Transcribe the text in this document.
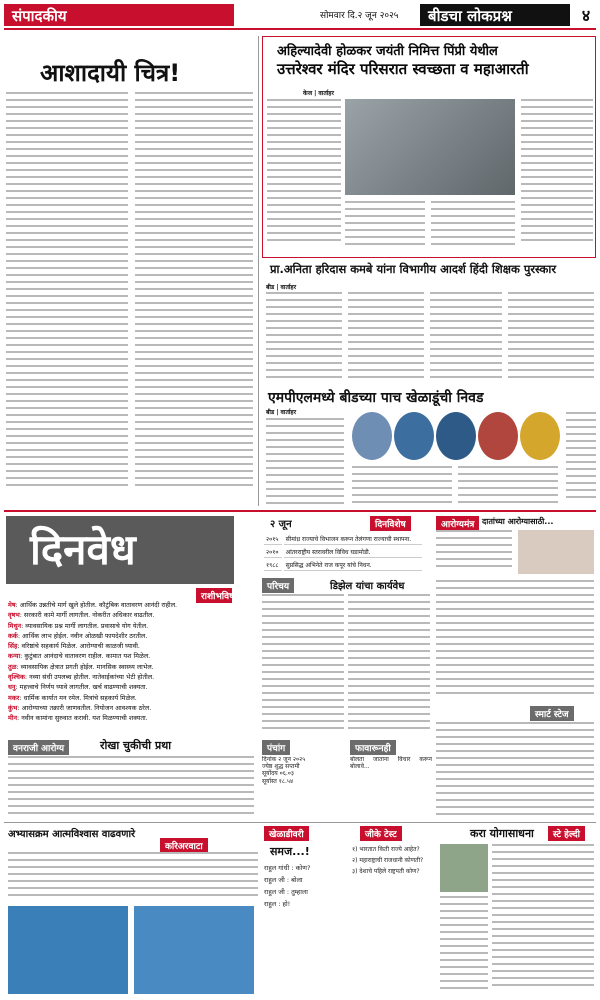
संपादकीय	सोमवार दि.२ जून २०२५	बीडचा लोकप्रश्न	४
आशादायी चित्र!
अहिल्यादेवी होळकर जयंती निमित्त पिंप्री येथील
उत्तरेश्वर मंदिर परिसरात स्वच्छता व महाआरती
केज | वार्ताहर
प्रा.अनिता हरिदास कमबे यांना विभागीय आदर्श हिंदी शिक्षक पुरस्कार
बीड | वार्ताहर
एमपीएलमध्ये बीडच्या पाच खेळाडूंची निवड
बीड | वार्ताहर
दिनवेध
राशीभविष्य
मेष: आर्थिक उन्नतीचे मार्ग खुले होतील. कौटुंबिक वातावरण आनंदी राहील.
वृषभ: सरकारी कामे मार्गी लागतील. नोकरीत अधिकार वाढतील.
मिथुन: व्यावसायिक प्रश्न मार्गी लागतील. प्रवासाचे योग येतील.
कर्क: आर्थिक लाभ होईल. नवीन ओळखी फायदेशीर ठरतील.
सिंह: वरिष्ठांचे सहकार्य मिळेल. आरोग्याची काळजी घ्यावी.
कन्या: कुटुंबात आनंदाचे वातावरण राहील. कामात यश मिळेल.
तुळ: व्यावसायिक क्षेत्रात प्रगती होईल. मानसिक स्वास्थ्य लाभेल.
वृश्चिक: नव्या संधी उपलब्ध होतील. नातेवाईकांच्या भेटी होतील.
धनु: महत्त्वाचे निर्णय घ्यावे लागतील. खर्च वाढण्याची शक्यता.
मकर: धार्मिक कार्यात मन रमेल. मित्रांचे सहकार्य मिळेल.
कुंभ: आरोग्याच्या तक्रारी जाणवतील. नियोजन आवश्यक ठरेल.
मीन: नवीन कामांना सुरुवात करावी. यश मिळण्याची शक्यता.
२ जून	दिनविशेष
२०१५	सीमांध्र राज्याचे विभाजन करून तेलंगणा राज्याची स्थापना.
२०१०	आंतरराष्ट्रीय स्तरावरील विविध घडामोडी.
१९८८	सुप्रसिद्ध अभिनेते राज कपूर यांचे निधन.
आरोग्यमंत्र दातांच्या आरोग्यासाठी...
परिचय	डिझेल यांचा कार्यवेध
वनराजी आरोग्य	रोखा चुकीची प्रथा	पंचांग
दिनांक २ जून २०२५
ज्येष्ठ शुद्ध सप्तमी
सूर्योदय ०६.०३
सूर्यास्त १८.५४
फावारूनही
बोलता जाताना विचार करून बोलावे...
स्मार्ट स्टेज
अभ्यासक्रम आत्मविश्वास वाढवणारे
करिअरवाटा
खेळाडीवरी
समज...!
राहुल गांधी : कोण?
राहुल जी : बोला
राहुल जी : तुम्हाला
राहुल : हो!
जीके टेस्ट
१) भारतात किती राज्ये आहेत?
२) महाराष्ट्राची राजधानी कोणती?
३) देशाचे पहिले राष्ट्रपती कोण?
करा योगासाधना	स्टे हेल्दी
